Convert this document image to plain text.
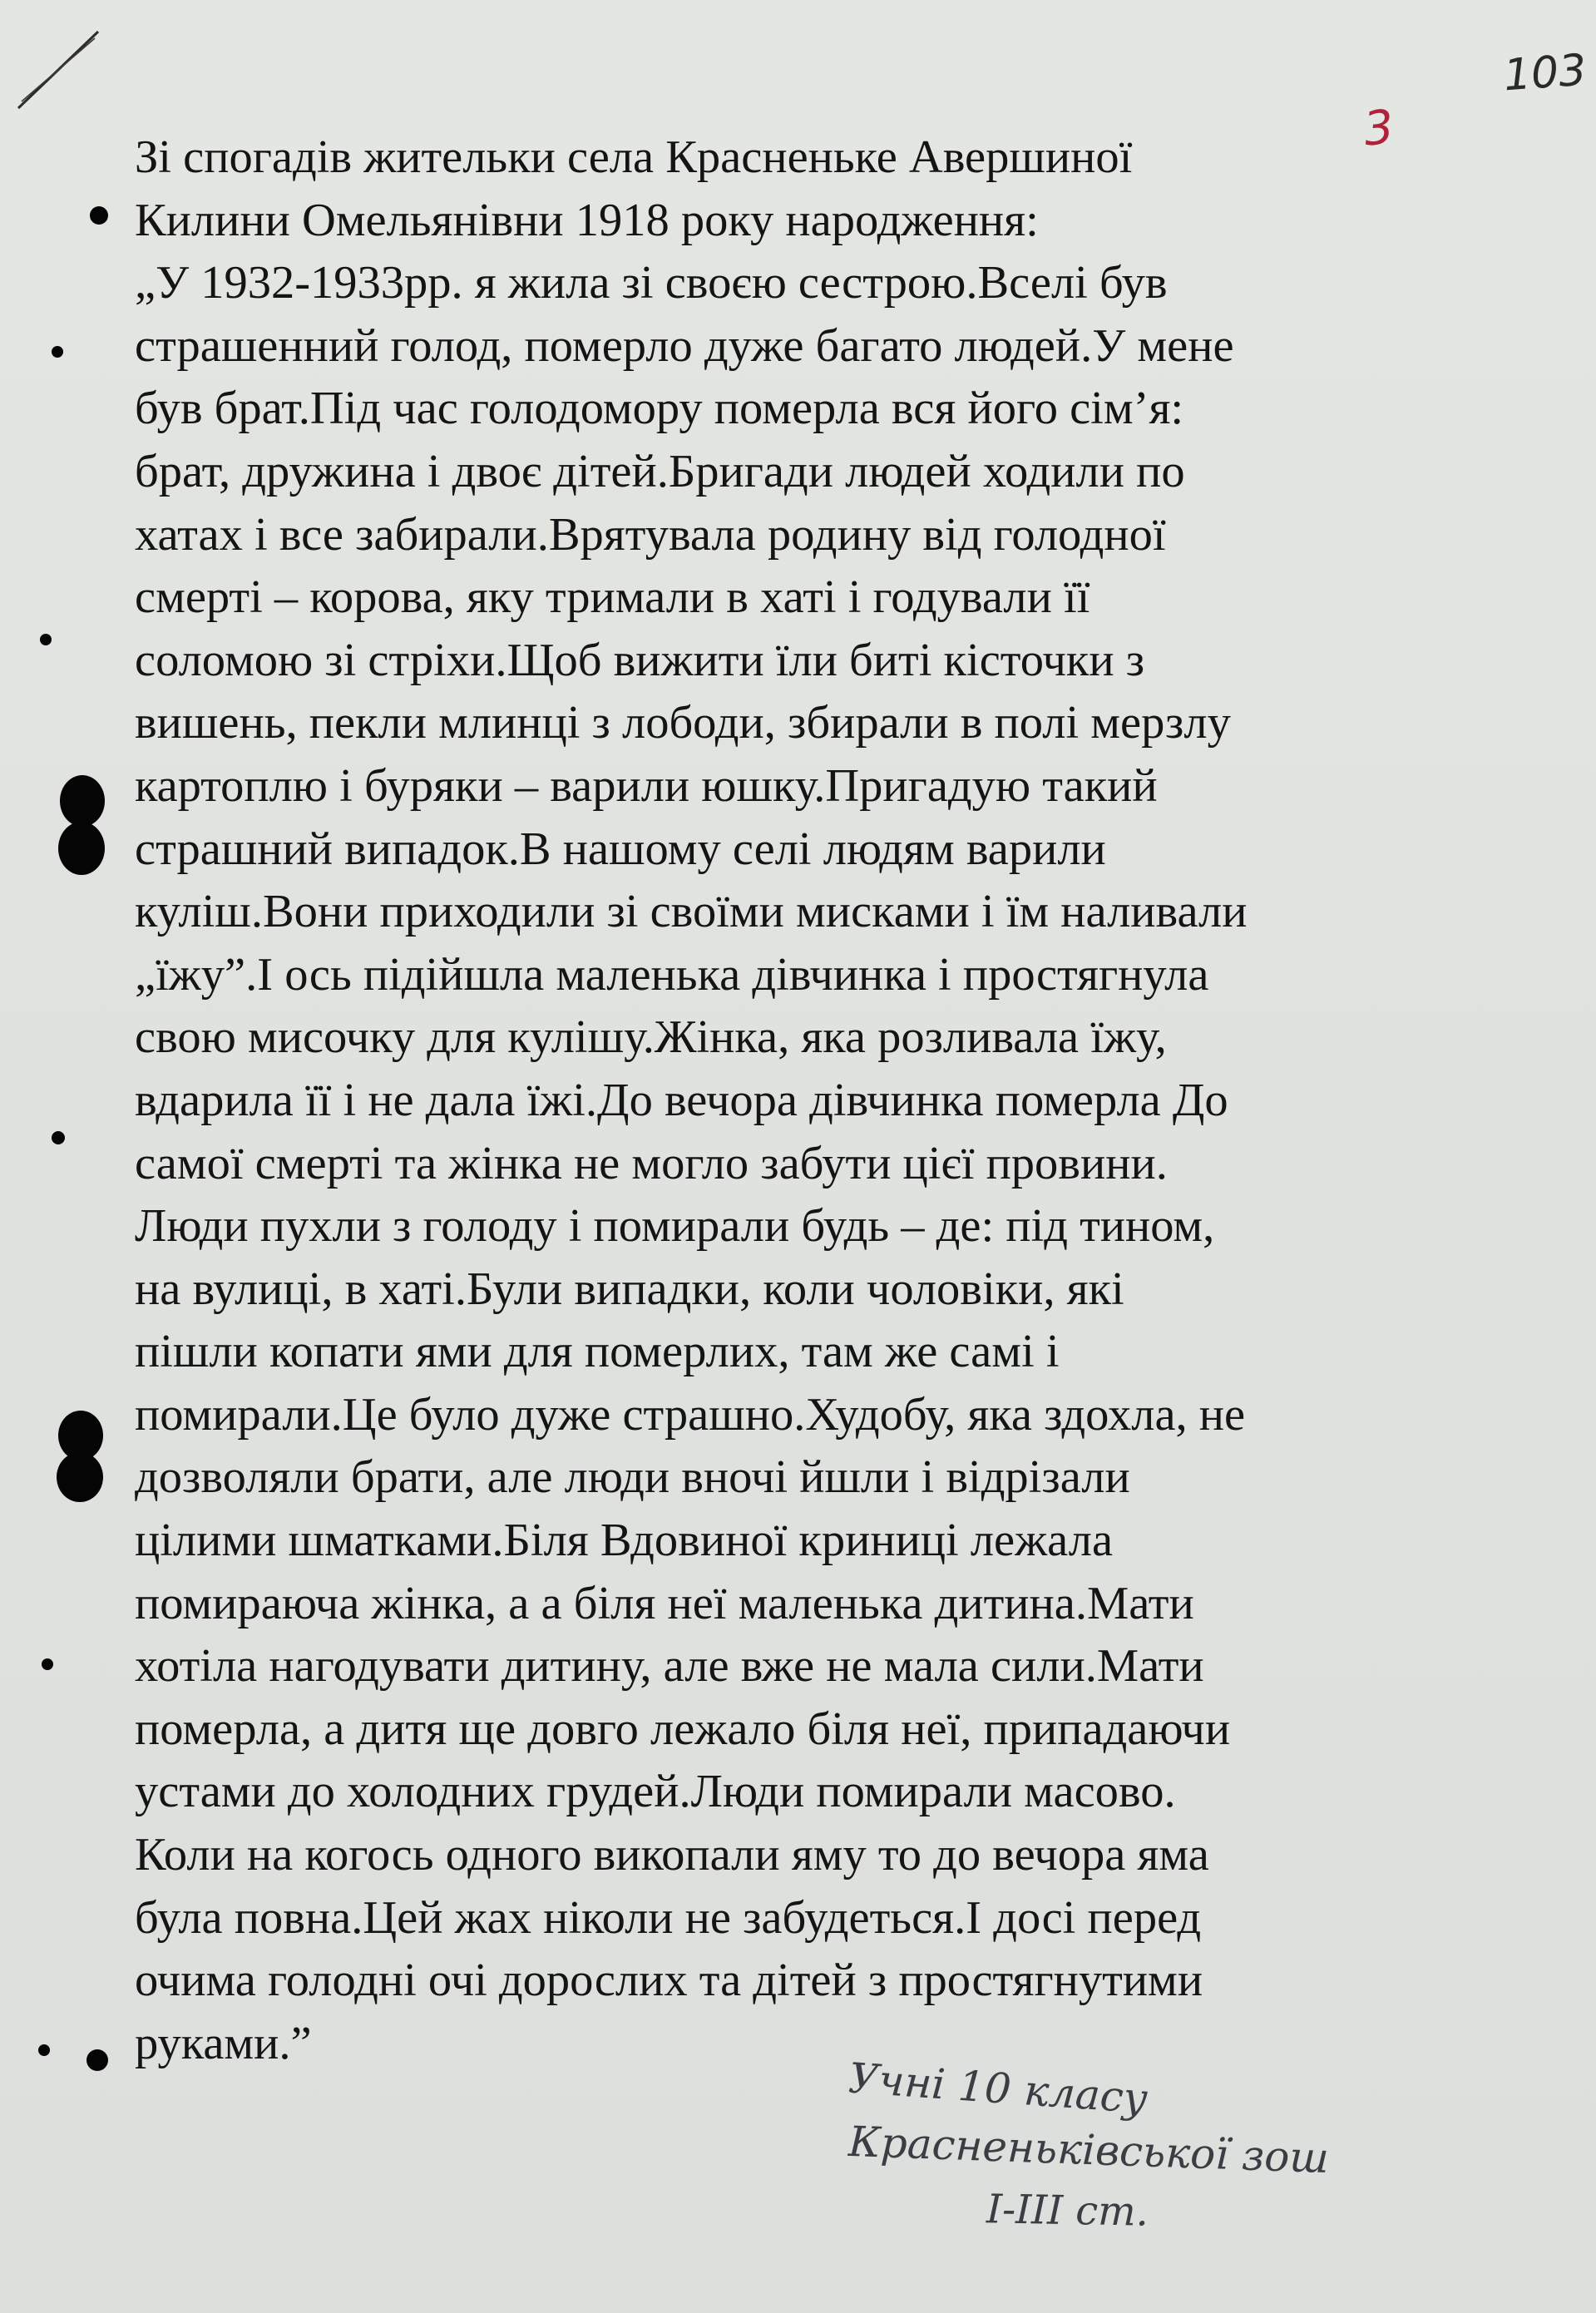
103
3
Зі спогадів жительки села Красненьке Авершиної
Килини Омельянівни 1918 року народження:
„У 1932-1933рр. я жила зі своєю сестрою.Вселі був
страшенний голод, померло дуже багато людей.У мене
був брат.Під час голодомору померла вся його сім’я:
брат, дружина і двоє дітей.Бригади людей ходили по
хатах і все забирали.Врятувала родину від голодної
смерті – корова, яку тримали в хаті і годували її
соломою зі стріхи.Щоб вижити їли биті кісточки з
вишень, пекли млинці з лободи, збирали в полі мерзлу
картоплю і буряки – варили юшку.Пригадую такий
страшний випадок.В нашому селі людям варили
куліш.Вони приходили зі своїми мисками і їм наливали
„їжу”.І ось підійшла маленька дівчинка і простягнула
свою мисочку для кулішу.Жінка, яка розливала їжу,
вдарила її і не дала їжі.До вечора дівчинка померла До
самої смерті та жінка не могло забути цієї провини.
Люди пухли з голоду і помирали будь – де: під тином,
на вулиці, в хаті.Були випадки, коли чоловіки, які
пішли копати ями для померлих, там же самі і
помирали.Це було дуже страшно.Худобу, яка здохла, не
дозволяли брати, але люди вночі йшли і відрізали
цілими шматками.Біля Вдовиної криниці лежала
помираюча жінка, а а біля неї маленька дитина.Мати
хотіла нагодувати дитину, але вже не мала сили.Мати
померла, а дитя ще довго лежало біля неї, припадаючи
устами до холодних грудей.Люди помирали масово.
Коли на когось одного викопали яму то до вечора яма
була повна.Цей жах ніколи не забудеться.І досі перед
очима голодні очі дорослих та дітей з простягнутими
руками.”
Учні 10 класу
Красненьківської зош
І-ІІІ ст.
